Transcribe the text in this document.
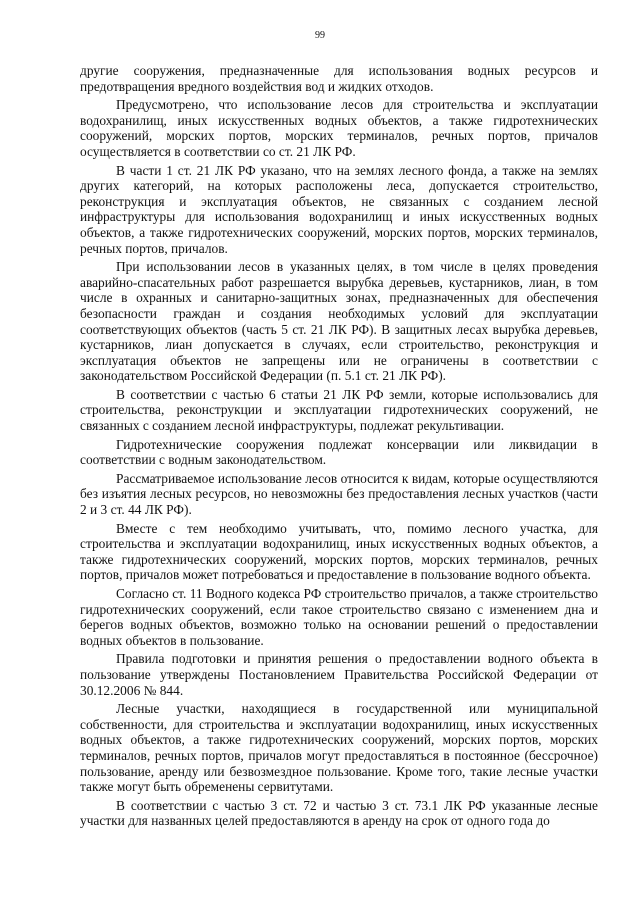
99

другие сооружения, предназначенные для использования водных ресурсов и предотвращения вредного воздействия вод и жидких отходов.

Предусмотрено, что использование лесов для строительства и эксплуатации водохранилищ, иных искусственных водных объектов, а также гидротехнических сооружений, морских портов, морских терминалов, речных портов, причалов осуществляется в соответствии со ст. 21 ЛК РФ.

В части 1 ст. 21 ЛК РФ указано, что на землях лесного фонда, а также на землях других категорий, на которых расположены леса, допускается строительство, реконструкция и эксплуатация объектов, не связанных с созданием лесной инфраструктуры для использования водохранилищ и иных искусственных водных объектов, а также гидротехнических сооружений, морских портов, морских терминалов, речных портов, причалов.

При использовании лесов в указанных целях, в том числе в целях проведения аварийно-спасательных работ разрешается вырубка деревьев, кустарников, лиан, в том числе в охранных и санитарно-защитных зонах, предназначенных для обеспечения безопасности граждан и создания необходимых условий для эксплуатации соответствующих объектов (часть 5 ст. 21 ЛК РФ). В защитных лесах вырубка деревьев, кустарников, лиан допускается в случаях, если строительство, реконструкция и эксплуатация объектов не запрещены или не ограничены в соответствии с законодательством Российской Федерации (п. 5.1 ст. 21 ЛК РФ).

В соответствии с частью 6 статьи 21 ЛК РФ земли, которые использовались для строительства, реконструкции и эксплуатации гидротехнических сооружений, не связанных с созданием лесной инфраструктуры, подлежат рекультивации.

Гидротехнические сооружения подлежат консервации или ликвидации в соответствии с водным законодательством.

Рассматриваемое использование лесов относится к видам, которые осуществляются без изъятия лесных ресурсов, но невозможны без предоставления лесных участков (части 2 и 3 ст. 44 ЛК РФ).

Вместе с тем необходимо учитывать, что, помимо лесного участка, для строительства и эксплуатации водохранилищ, иных искусственных водных объектов, а также гидротехнических сооружений, морских портов, морских терминалов, речных портов, причалов может потребоваться и предоставление в пользование водного объекта.

Согласно ст. 11 Водного кодекса РФ строительство причалов, а также строительство гидротехнических сооружений, если такое строительство связано с изменением дна и берегов водных объектов, возможно только на основании решений о предоставлении водных объектов в пользование.

Правила подготовки и принятия решения о предоставлении водного объекта в пользование утверждены Постановлением Правительства Российской Федерации от 30.12.2006 № 844.

Лесные участки, находящиеся в государственной или муниципальной собственности, для строительства и эксплуатации водохранилищ, иных искусственных водных объектов, а также гидротехнических сооружений, морских портов, морских терминалов, речных портов, причалов могут предоставляться в постоянное (бессрочное) пользование, аренду или безвозмездное пользование. Кроме того, такие лесные участки также могут быть обременены сервитутами.

В соответствии с частью 3 ст. 72 и частью 3 ст. 73.1 ЛК РФ указанные лесные участки для названных целей предоставляются в аренду на срок от одного года до
